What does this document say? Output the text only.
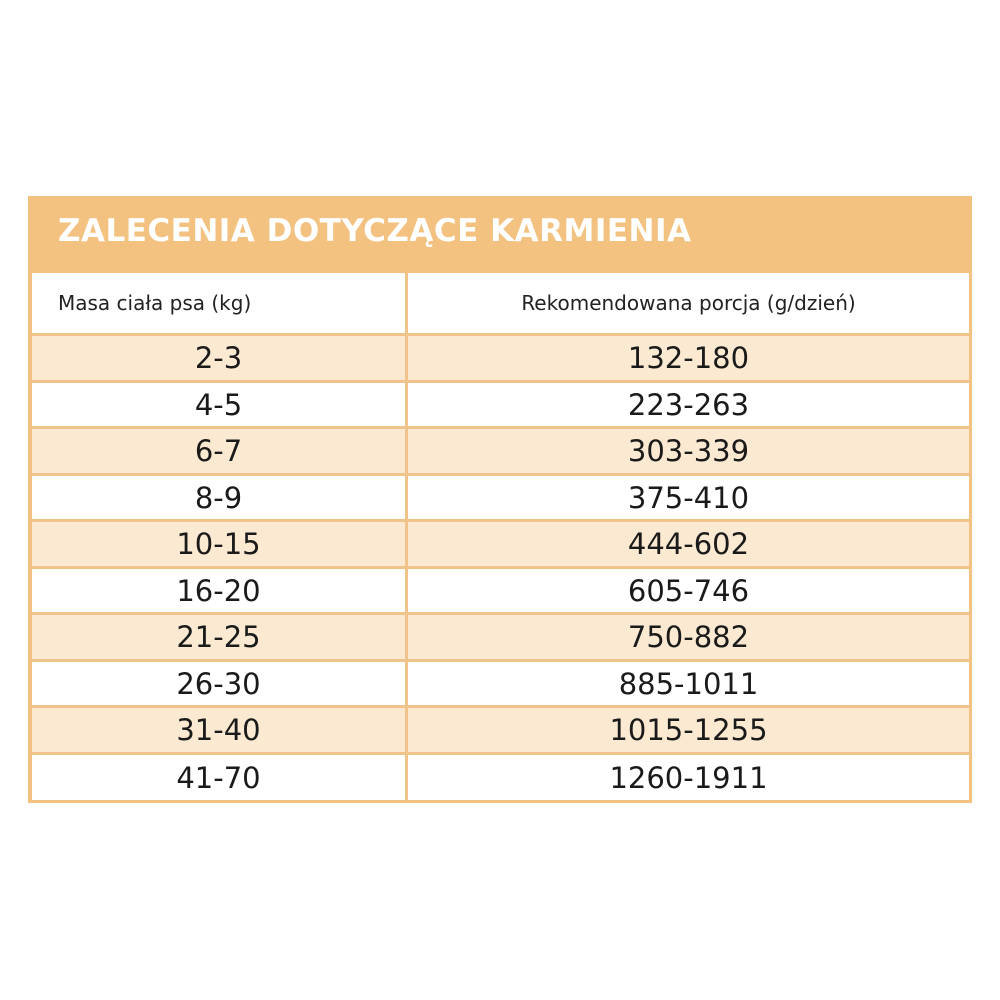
ZALECENIA DOTYCZĄCE KARMIENIA
Masa ciała psa (kg)	Rekomendowana porcja (g/dzień)
2-3	132-180
4-5	223-263
6-7	303-339
8-9	375-410
10-15	444-602
16-20	605-746
21-25	750-882
26-30	885-1011
31-40	1015-1255
41-70	1260-1911
